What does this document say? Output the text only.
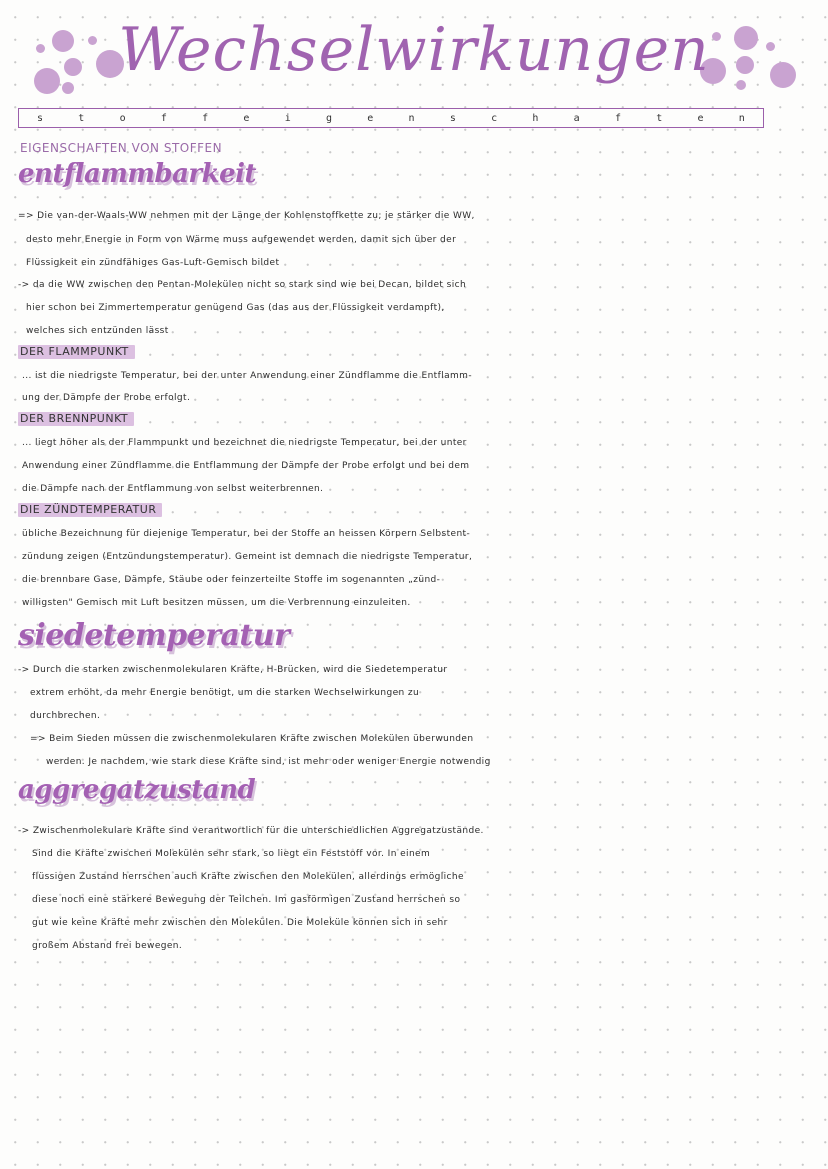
Wechselwirkungen
s	t	o	f	f	e	i	g	e	n	s	c	h	a	f	t	e	n
EIGENSCHAFTEN VON STOFFEN
entflammbarkeit
=> Die van-der-Waals-WW nehmen mit der Länge der Kohlenstoffkette zu; je stärker die WW,
desto mehr Energie in Form von Wärme muss aufgewendet werden, damit sich über der
Flüssigkeit ein zündfähiges Gas-Luft-Gemisch bildet
-> da die WW zwischen den Pentan-Molekülen nicht so stark sind wie bei Decan, bildet sich
hier schon bei Zimmertemperatur genügend Gas (das aus der Flüssigkeit verdampft),
welches sich entzünden lässt
DER FLAMMPUNKT
... ist die niedrigste Temperatur, bei der unter Anwendung einer Zündflamme die Entflamm-
ung der Dämpfe der Probe erfolgt.
DER BRENNPUNKT
... liegt höher als der Flammpunkt und bezeichnet die niedrigste Temperatur, bei der unter
Anwendung einer Zündflamme die Entflammung der Dämpfe der Probe erfolgt und bei dem
die Dämpfe nach der Entflammung von selbst weiterbrennen.
DIE ZÜNDTEMPERATUR
übliche Bezeichnung für diejenige Temperatur, bei der Stoffe an heissen Körpern Selbstent-
zündung zeigen (Entzündungstemperatur). Gemeint ist demnach die niedrigste Temperatur,
die brennbare Gase, Dämpfe, Stäube oder feinzerteilte Stoffe im sogenannten „zünd-
willigsten" Gemisch mit Luft besitzen müssen, um die Verbrennung einzuleiten.
siedetemperatur
-> Durch die starken zwischenmolekularen Kräfte, H-Brücken, wird die Siedetemperatur
extrem erhöht, da mehr Energie benötigt, um die starken Wechselwirkungen zu
durchbrechen.
=> Beim Sieden müssen die zwischenmolekularen Kräfte zwischen Molekülen überwunden
werden. Je nachdem, wie stark diese Kräfte sind, ist mehr oder weniger Energie notwendig
aggregatzustand
-> Zwischenmolekulare Kräfte sind verantwortlich für die unterschiedlichen Aggregatzustände.
Sind die Kräfte zwischen Molekülen sehr stark, so liegt ein Feststoff vor. In einem
flüssigen Zustand herrschen auch Kräfte zwischen den Molekülen, allerdings ermögliche
diese noch eine stärkere Bewegung der Teilchen. Im gasförmigen Zustand herrschen so
gut wie keine Kräfte mehr zwischen den Molekülen. Die Moleküle können sich in sehr
großem Abstand frei bewegen.
